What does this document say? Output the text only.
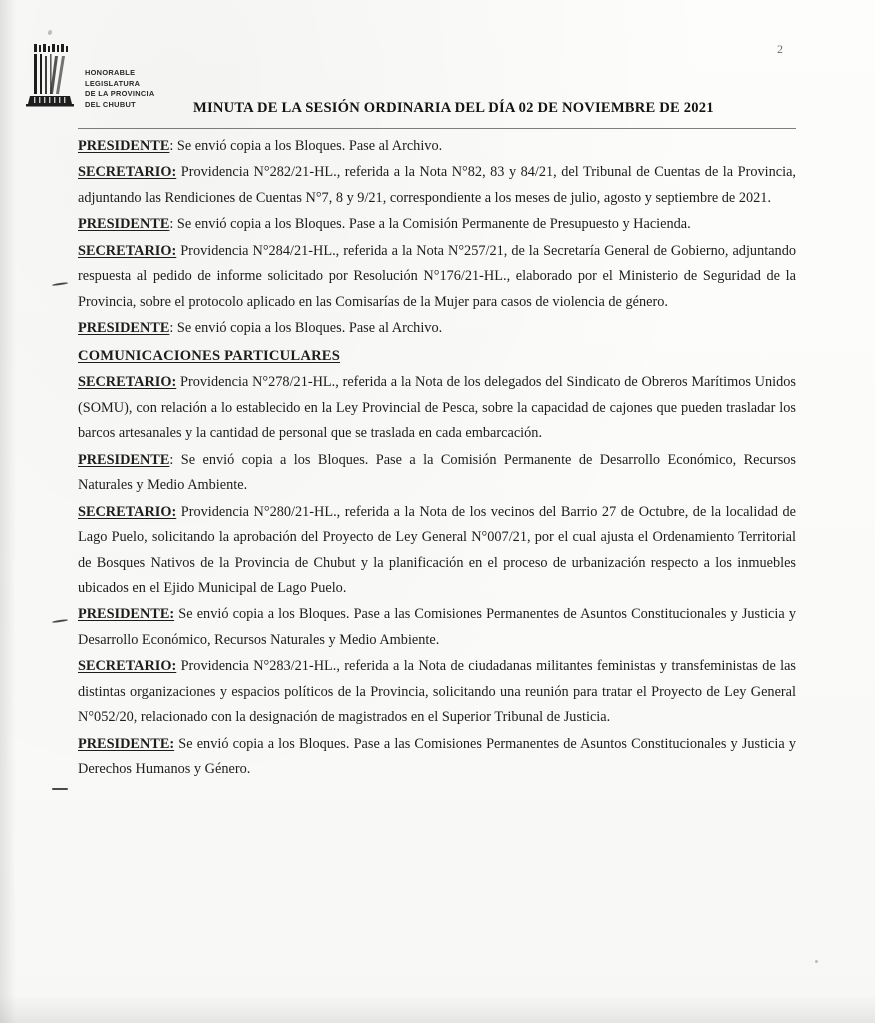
2
HONORABLE
LEGISLATURA
DE LA PROVINCIA
DEL CHUBUT	MINUTA DE LA SESIÓN ORDINARIA DEL DÍA 02 DE NOVIEMBRE DE 2021

PRESIDENTE: Se envió copia a los Bloques. Pase al Archivo.

SECRETARIO: Providencia N°282/21-HL., referida a la Nota N°82, 83 y 84/21, del Tribunal de Cuentas de la Provincia, adjuntando las Rendiciones de Cuentas N°7, 8 y 9/21, correspondiente a los meses de julio, agosto y septiembre de 2021.

PRESIDENTE: Se envió copia a los Bloques. Pase a la Comisión Permanente de Presupuesto y Hacienda.

SECRETARIO: Providencia N°284/21-HL., referida a la Nota N°257/21, de la Secretaría General de Gobierno, adjuntando respuesta al pedido de informe solicitado por Resolución N°176/21-HL., elaborado por el Ministerio de Seguridad de la Provincia, sobre el protocolo aplicado en las Comisarías de la Mujer para casos de violencia de género.

PRESIDENTE: Se envió copia a los Bloques. Pase al Archivo.

COMUNICACIONES PARTICULARES

SECRETARIO: Providencia N°278/21-HL., referida a la Nota de los delegados del Sindicato de Obreros Marítimos Unidos (SOMU), con relación a lo establecido en la Ley Provincial de Pesca, sobre la capacidad de cajones que pueden trasladar los barcos artesanales y la cantidad de personal que se traslada en cada embarcación.

PRESIDENTE: Se envió copia a los Bloques. Pase a la Comisión Permanente de Desarrollo Económico, Recursos Naturales y Medio Ambiente.

SECRETARIO: Providencia N°280/21-HL., referida a la Nota de los vecinos del Barrio 27 de Octubre, de la localidad de Lago Puelo, solicitando la aprobación del Proyecto de Ley General N°007/21, por el cual ajusta el Ordenamiento Territorial de Bosques Nativos de la Provincia de Chubut y la planificación en el proceso de urbanización respecto a los inmuebles ubicados en el Ejido Municipal de Lago Puelo.

PRESIDENTE: Se envió copia a los Bloques. Pase a las Comisiones Permanentes de Asuntos Constitucionales y Justicia y Desarrollo Económico, Recursos Naturales y Medio Ambiente.

SECRETARIO: Providencia N°283/21-HL., referida a la Nota de ciudadanas militantes feministas y transfeministas de las distintas organizaciones y espacios políticos de la Provincia, solicitando una reunión para tratar el Proyecto de Ley General N°052/20, relacionado con la designación de magistrados en el Superior Tribunal de Justicia.

PRESIDENTE: Se envió copia a los Bloques. Pase a las Comisiones Permanentes de Asuntos Constitucionales y Justicia y Derechos Humanos y Género.
